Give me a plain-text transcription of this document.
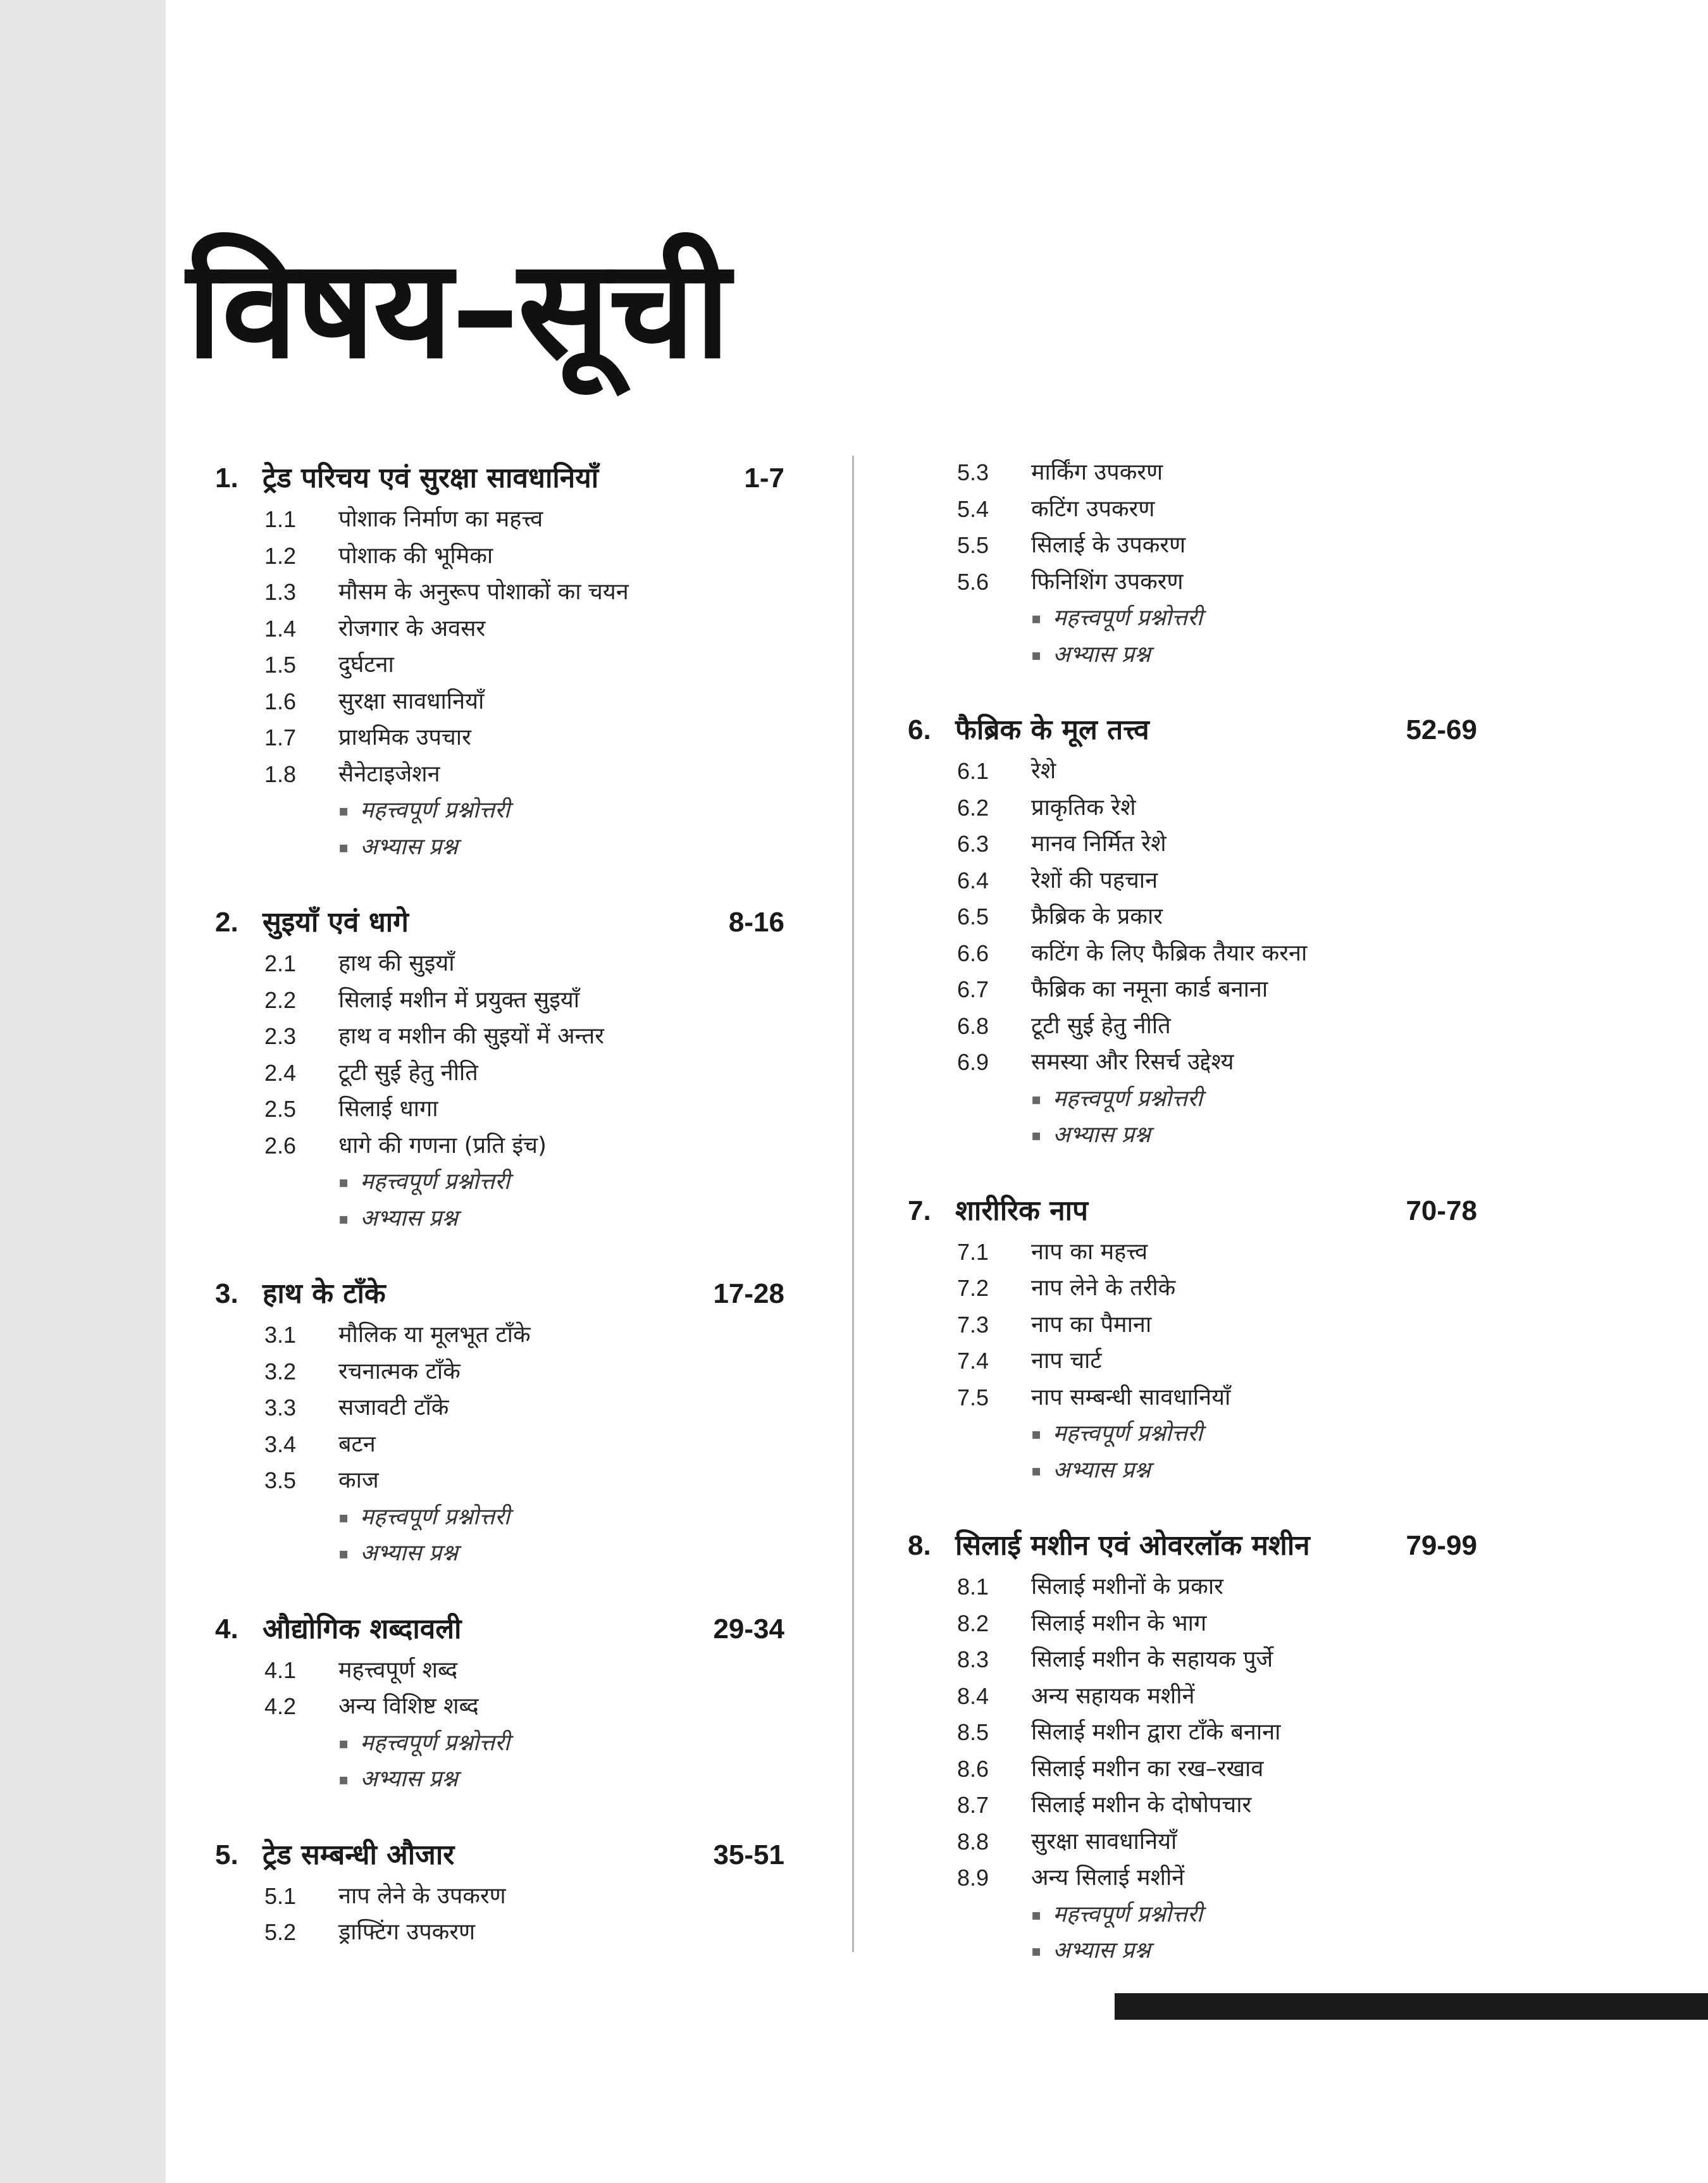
विषय–सूची
1. ट्रेड परिचय एवं सुरक्षा सावधानियाँ	1-7
1.1 पोशाक निर्माण का महत्त्व
1.2 पोशाक की भूमिका
1.3 मौसम के अनुरूप पोशाकों का चयन
1.4 रोजगार के अवसर
1.5 दुर्घटना
1.6 सुरक्षा सावधानियाँ
1.7 प्राथमिक उपचार
1.8 सैनेटाइजेशन
▪ महत्त्वपूर्ण प्रश्नोत्तरी
▪ अभ्यास प्रश्न
2. सुइयाँ एवं धागे	8-16
2.1 हाथ की सुइयाँ
2.2 सिलाई मशीन में प्रयुक्त सुइयाँ
2.3 हाथ व मशीन की सुइयों में अन्तर
2.4 टूटी सुई हेतु नीति
2.5 सिलाई धागा
2.6 धागे की गणना (प्रति इंच)
▪ महत्त्वपूर्ण प्रश्नोत्तरी
▪ अभ्यास प्रश्न
3. हाथ के टाँके	17-28
3.1 मौलिक या मूलभूत टाँके
3.2 रचनात्मक टाँके
3.3 सजावटी टाँके
3.4 बटन
3.5 काज
▪ महत्त्वपूर्ण प्रश्नोत्तरी
▪ अभ्यास प्रश्न
4. औद्योगिक शब्दावली	29-34
4.1 महत्त्वपूर्ण शब्द
4.2 अन्य विशिष्ट शब्द
▪ महत्त्वपूर्ण प्रश्नोत्तरी
▪ अभ्यास प्रश्न
5. ट्रेड सम्बन्धी औजार	35-51
5.1 नाप लेने के उपकरण
5.2 ड्राफ्टिंग उपकरण
5.3 मार्किंग उपकरण
5.4 कटिंग उपकरण
5.5 सिलाई के उपकरण
5.6 फिनिशिंग उपकरण
▪ महत्त्वपूर्ण प्रश्नोत्तरी
▪ अभ्यास प्रश्न
6. फैब्रिक के मूल तत्त्व	52-69
6.1 रेशे
6.2 प्राकृतिक रेशे
6.3 मानव निर्मित रेशे
6.4 रेशों की पहचान
6.5 फ्रैब्रिक के प्रकार
6.6 कटिंग के लिए फैब्रिक तैयार करना
6.7 फैब्रिक का नमूना कार्ड बनाना
6.8 टूटी सुई हेतु नीति
6.9 समस्या और रिसर्च उद्देश्य
▪ महत्त्वपूर्ण प्रश्नोत्तरी
▪ अभ्यास प्रश्न
7. शारीरिक नाप	70-78
7.1 नाप का महत्त्व
7.2 नाप लेने के तरीके
7.3 नाप का पैमाना
7.4 नाप चार्ट
7.5 नाप सम्बन्धी सावधानियाँ
▪ महत्त्वपूर्ण प्रश्नोत्तरी
▪ अभ्यास प्रश्न
8. सिलाई मशीन एवं ओवरलॉक मशीन	79-99
8.1 सिलाई मशीनों के प्रकार
8.2 सिलाई मशीन के भाग
8.3 सिलाई मशीन के सहायक पुर्जे
8.4 अन्य सहायक मशीनें
8.5 सिलाई मशीन द्वारा टाँके बनाना
8.6 सिलाई मशीन का रख–रखाव
8.7 सिलाई मशीन के दोषोपचार
8.8 सुरक्षा सावधानियाँ
8.9 अन्य सिलाई मशीनें
▪ महत्त्वपूर्ण प्रश्नोत्तरी
▪ अभ्यास प्रश्न
